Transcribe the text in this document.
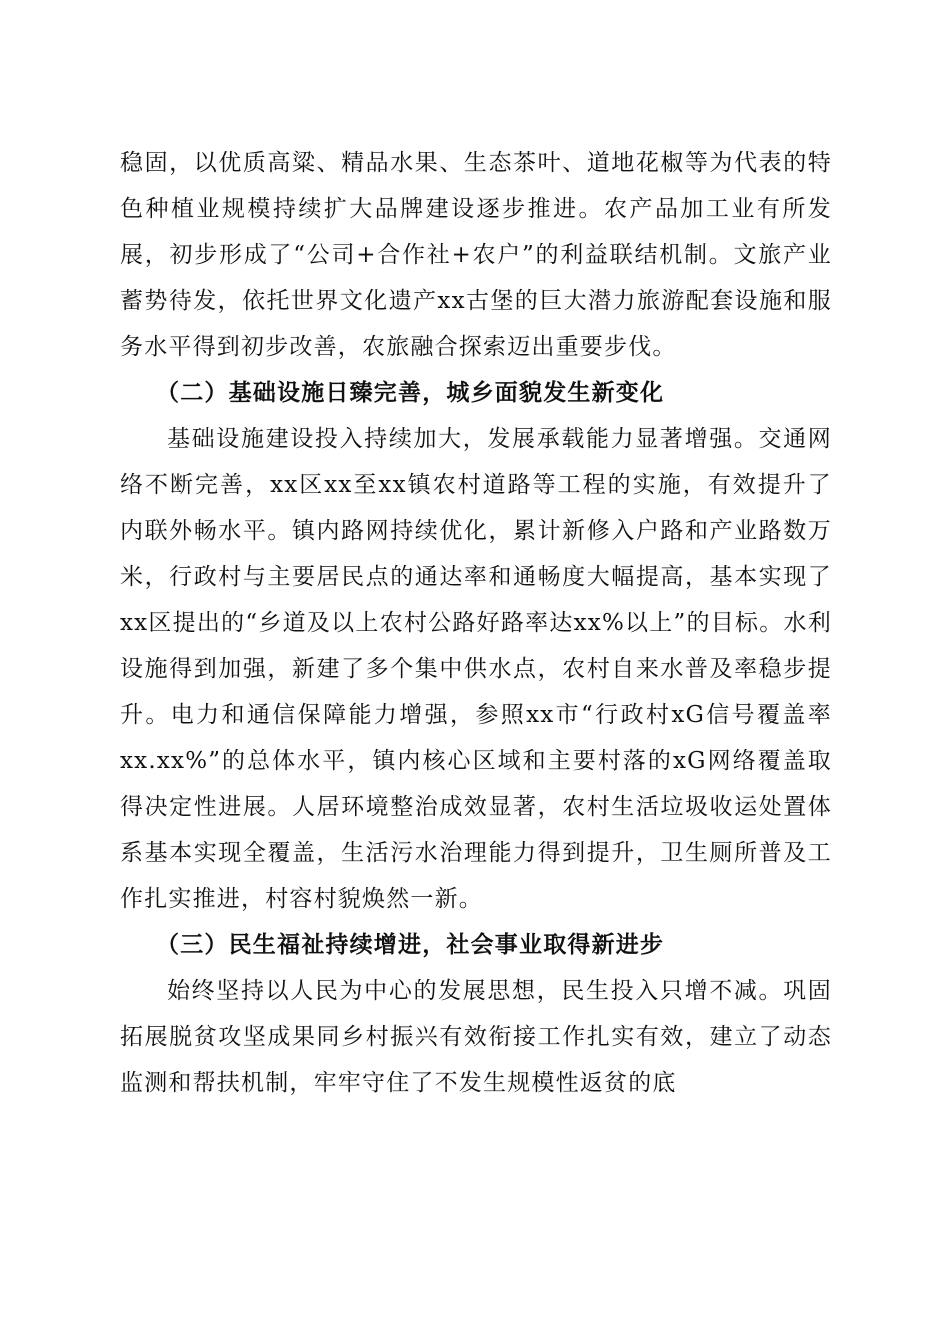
稳固，以优质高粱、精品水果、生态茶叶、道地花椒等为代表的特色种植业规模持续扩大品牌建设逐步推进。农产品加工业有所发展，初步形成了“公司+合作社+农户”的利益联结机制。文旅产业蓄势待发，依托世界文化遗产xx古堡的巨大潜力旅游配套设施和服务水平得到初步改善，农旅融合探索迈出重要步伐。

（二）基础设施日臻完善，城乡面貌发生新变化

基础设施建设投入持续加大，发展承载能力显著增强。交通网络不断完善，xx区xx至xx镇农村道路等工程的实施，有效提升了内联外畅水平。镇内路网持续优化，累计新修入户路和产业路数万米，行政村与主要居民点的通达率和通畅度大幅提高，基本实现了xx区提出的“乡道及以上农村公路好路率达xx%以上”的目标。水利设施得到加强，新建了多个集中供水点，农村自来水普及率稳步提升。电力和通信保障能力增强，参照xx市“行政村xG信号覆盖率xx.xx%”的总体水平，镇内核心区域和主要村落的xG网络覆盖取得决定性进展。人居环境整治成效显著，农村生活垃圾收运处置体系基本实现全覆盖，生活污水治理能力得到提升，卫生厕所普及工作扎实推进，村容村貌焕然一新。

（三）民生福祉持续增进，社会事业取得新进步

始终坚持以人民为中心的发展思想，民生投入只增不减。巩固拓展脱贫攻坚成果同乡村振兴有效衔接工作扎实有效，建立了动态监测和帮扶机制，牢牢守住了不发生规模性返贫的底
